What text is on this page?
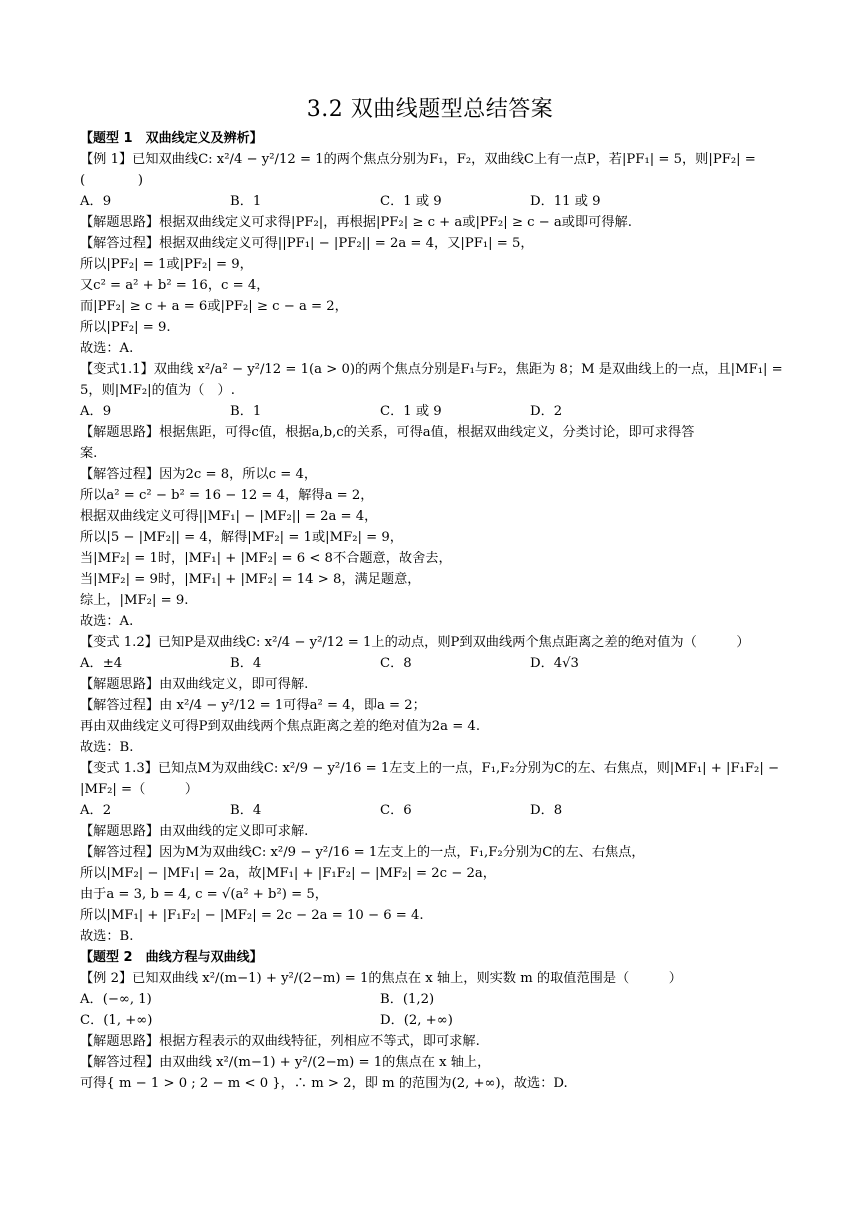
3.2 双曲线题型总结答案
【题型 1　双曲线定义及辨析】
【例 1】已知双曲线C: x²/4 − y²/12 = 1的两个焦点分别为F₁，F₂，双曲线C上有一点P，若|PF₁| = 5，则|PF₂| =
(　　　　)
A．9	B．1	C．1 或 9	D．11 或 9
【解题思路】根据双曲线定义可求得|PF₂|，再根据|PF₂| ≥ c + a或|PF₂| ≥ c − a或即可得解.
【解答过程】根据双曲线定义可得||PF₁| − |PF₂|| = 2a = 4，又|PF₁| = 5，
所以|PF₂| = 1或|PF₂| = 9，
又c² = a² + b² = 16，c = 4，
而|PF₂| ≥ c + a = 6或|PF₂| ≥ c − a = 2，
所以|PF₂| = 9.
故选：A.
【变式1.1】双曲线 x²/a² − y²/12 = 1(a > 0)的两个焦点分别是F₁与F₂，焦距为 8；M 是双曲线上的一点，且|MF₁| =
5，则|MF₂|的值为（　）.
A．9	B．1	C．1 或 9	D．2
【解题思路】根据焦距，可得c值，根据a,b,c的关系，可得a值，根据双曲线定义，分类讨论，即可求得答
案.
【解答过程】因为2c = 8，所以c = 4，
所以a² = c² − b² = 16 − 12 = 4，解得a = 2，
根据双曲线定义可得||MF₁| − |MF₂|| = 2a = 4，
所以|5 − |MF₂|| = 4，解得|MF₂| = 1或|MF₂| = 9，
当|MF₂| = 1时，|MF₁| + |MF₂| = 6 < 8不合题意，故舍去，
当|MF₂| = 9时，|MF₁| + |MF₂| = 14 > 8，满足题意，
综上，|MF₂| = 9.
故选：A.
【变式 1.2】已知P是双曲线C: x²/4 − y²/12 = 1上的动点，则P到双曲线两个焦点距离之差的绝对值为（　　　）
A．±4	B．4	C．8	D．4√3
【解题思路】由双曲线定义，即可得解.
【解答过程】由 x²/4 − y²/12 = 1可得a² = 4，即a = 2；
再由双曲线定义可得P到双曲线两个焦点距离之差的绝对值为2a = 4.
故选：B.
【变式 1.3】已知点M为双曲线C: x²/9 − y²/16 = 1左支上的一点，F₁,F₂分别为C的左、右焦点，则|MF₁| + |F₁F₂| −
|MF₂| =（　　　）
A．2	B．4	C．6	D．8
【解题思路】由双曲线的定义即可求解.
【解答过程】因为M为双曲线C: x²/9 − y²/16 = 1左支上的一点，F₁,F₂分别为C的左、右焦点，
所以|MF₂| − |MF₁| = 2a，故|MF₁| + |F₁F₂| − |MF₂| = 2c − 2a，
由于a = 3, b = 4, c = √(a² + b²) = 5，
所以|MF₁| + |F₁F₂| − |MF₂| = 2c − 2a = 10 − 6 = 4.
故选：B.
【题型 2　曲线方程与双曲线】
【例 2】已知双曲线 x²/(m−1) + y²/(2−m) = 1的焦点在 x 轴上，则实数 m 的取值范围是（　　　）
A．(−∞, 1)	B．(1,2)
C．(1, +∞)	D．(2, +∞)
【解题思路】根据方程表示的双曲线特征，列相应不等式，即可求解.
【解答过程】由双曲线 x²/(m−1) + y²/(2−m) = 1的焦点在 x 轴上，
可得{ m − 1 > 0 ; 2 − m < 0 }，∴ m > 2，即 m 的范围为(2, +∞)，故选：D.
